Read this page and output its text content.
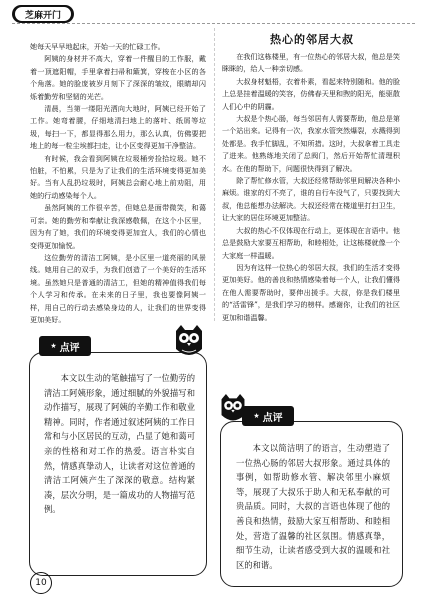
芝麻开门

她每天早早地起床，开始一天的忙碌工作。

阿姨的身材并不高大，穿着一件醒目的工作服，戴着一顶遮阳帽，手里拿着扫帚和簸箕，穿梭在小区的各个角落。她的脸庞被岁月刻下了深深的皱纹，眼睛却闪烁着勤劳和坚韧的光芒。

清晨，当第一缕阳光洒向大地时，阿姨已经开始了工作。她弯着腰，仔细地清扫地上的落叶、纸屑等垃圾，每扫一下，都显得那么用力，那么认真，仿佛要把地上的每一粒尘埃都扫走，让小区变得更加干净整洁。

有时候，我会看到阿姨在垃圾桶旁捡拾垃圾。她不怕脏，不怕累，只是为了让我们的生活环境变得更加美好。当有人乱扔垃圾时，阿姨总会耐心地上前劝阻，用她的行动感染每个人。

虽然阿姨的工作很辛苦，但她总是面带微笑，和蔼可亲。她的勤劳和奉献让我深感敬佩，在这个小区里，因为有了她，我们的环境变得更加宜人，我们的心情也变得更加愉悦。

这位勤劳的清洁工阿姨，是小区里一道亮丽的风景线。她用自己的双手，为我们创造了一个美好的生活环境。虽然她只是普通的清洁工，但她的精神值得我们每个人学习和传承。在未来的日子里，我也要像阿姨一样，用自己的行动去感染身边的人，让我们的世界变得更加美好。

热心的邻居大叔

在我们这栋楼里，有一位热心的邻居大叔，他总是笑眯眯的，给人一种亲切感。

大叔身材魁梧，衣着朴素，看起来特别随和。他的脸上总是挂着温暖的笑容，仿佛春天里和煦的阳光，能驱散人们心中的阴霾。

大叔是个热心肠，每当邻居有人需要帮助，他总是第一个站出来。记得有一次，我家水管突然爆裂，水溅得到处都是。我手忙脚乱，不知所措。这时，大叔拿着工具走了进来。他熟练地关闭了总阀门，然后开始帮忙清理积水。在他的帮助下，问题很快得到了解决。

除了帮忙修水管，大叔还经常帮助邻里间解决各种小麻烦。谁家的灯不亮了，谁的自行车没气了，只要找到大叔，他总能想办法解决。大叔还经常在楼道里打扫卫生，让大家的居住环境更加整洁。

大叔的热心不仅体现在行动上，更体现在言语中。他总是鼓励大家要互相帮助，和睦相处，让这栋楼就像一个大家庭一样温暖。

因为有这样一位热心的邻居大叔，我们的生活才变得更加美好。他的善良和热情感染着每一个人，让我们懂得在他人需要帮助时，要伸出援手。大叔，你是我们楼里的“活雷锋”，是我们学习的榜样。感谢你，让我们的社区更加和谐温馨。

★ 点评

本文以生动的笔触描写了一位勤劳的清洁工阿姨形象，通过细腻的外貌描写和动作描写，展现了阿姨的辛勤工作和敬业精神。同时，作者通过叙述阿姨的工作日常和与小区居民的互动，凸显了她和蔼可亲的性格和对工作的热爱。语言朴实自然，情感真挚动人，让读者对这位普通的清洁工阿姨产生了深深的敬意。结构紧凑，层次分明，是一篇成功的人物描写范例。

★ 点评

本文以简洁明了的语言，生动塑造了一位热心肠的邻居大叔形象。通过具体的事例，如帮助修水管、解决邻里小麻烦等，展现了大叔乐于助人和无私奉献的可贵品质。同时，大叔的言语也体现了他的善良和热情，鼓励大家互相帮助、和睦相处，营造了温馨的社区氛围。情感真挚，细节生动，让读者感受到大叔的温暖和社区的和谐。

10
